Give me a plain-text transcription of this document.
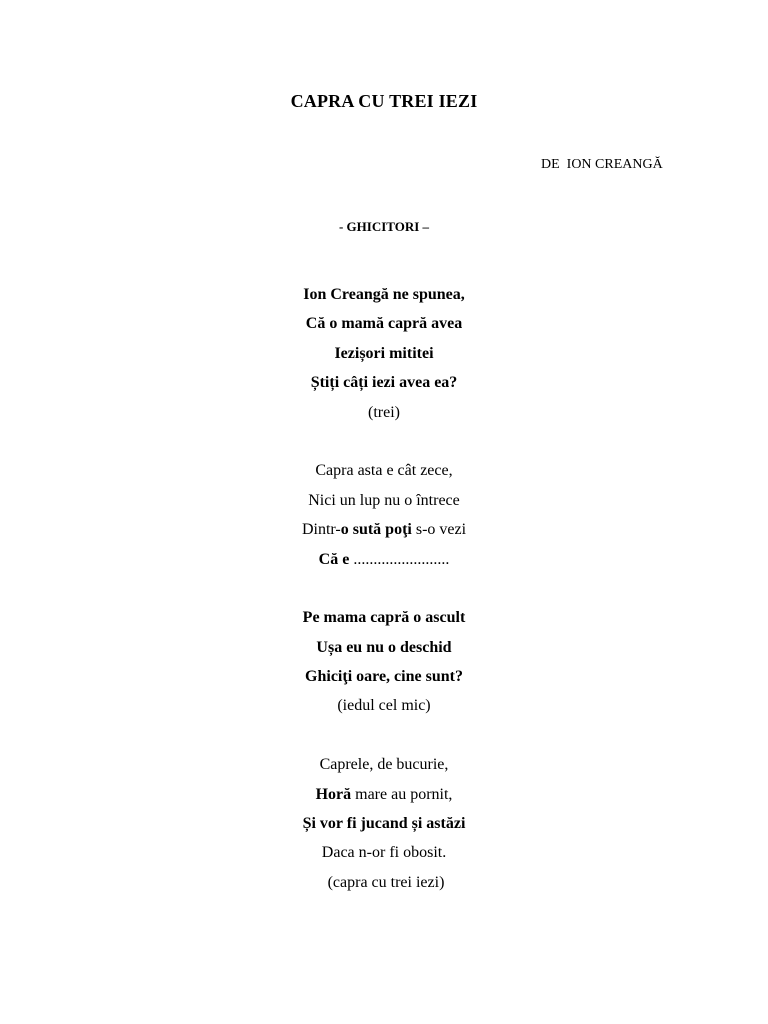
CAPRA CU TREI IEZI
DE  ION CREANGĂ
- GHICITORI –
Ion Creangă ne spunea,
Că o mamă capră avea
Iezișori mititei
Știți câți iezi avea ea?
(trei)
Capra asta e cât zece,
Nici un lup nu o întrece
Dintr-o sută poţi s-o vezi
Că e ........................
Pe mama capră o ascult
Ușa eu nu o deschid
Ghiciţi oare, cine sunt?
(iedul cel mic)
Caprele, de bucurie,
Horă mare au pornit,
Și vor fi jucand și astăzi
Daca n-or fi obosit.
(capra cu trei iezi)
